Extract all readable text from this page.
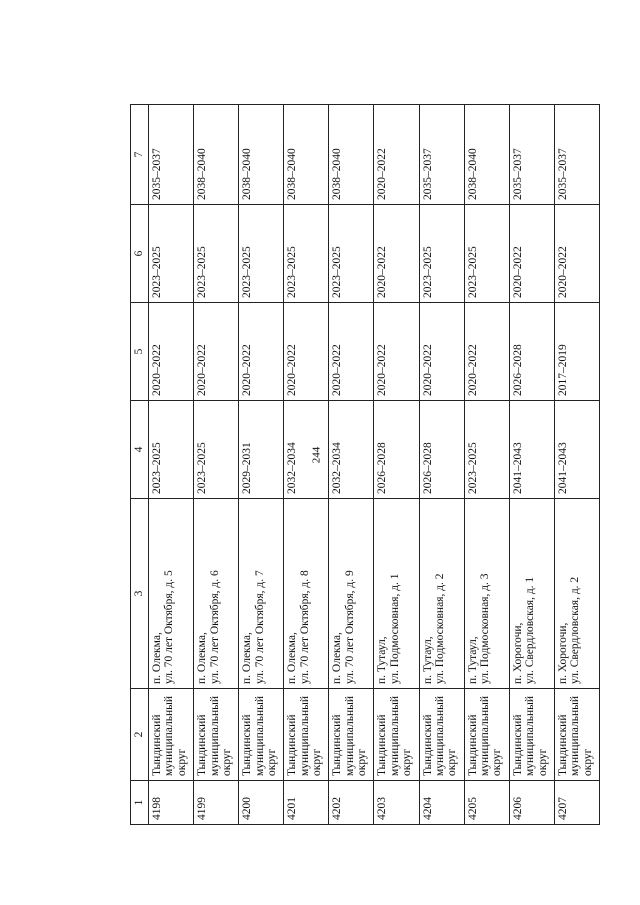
244
1	2	3	4	5	6	7
4198	Тындинский
муниципальный
округ	п. Олекма,
ул. 70 лет Октября, д. 5	2023–2025	2020–2022	2023–2025	2035–2037
4199	Тындинский
муниципальный
округ	п. Олекма,
ул. 70 лет Октября, д. 6	2023–2025	2020–2022	2023–2025	2038–2040
4200	Тындинский
муниципальный
округ	п. Олекма,
ул. 70 лет Октября, д. 7	2029–2031	2020–2022	2023–2025	2038–2040
4201	Тындинский
муниципальный
округ	п. Олекма,
ул. 70 лет Октября, д. 8	2032–2034	2020–2022	2023–2025	2038–2040
4202	Тындинский
муниципальный
округ	п. Олекма,
ул. 70 лет Октября, д. 9	2032–2034	2020–2022	2023–2025	2038–2040
4203	Тындинский
муниципальный
округ	п. Тутаул,
ул. Подмосковная, д. 1	2026–2028	2020–2022	2020–2022	2020–2022
4204	Тындинский
муниципальный
округ	п. Тутаул,
ул. Подмосковная, д. 2	2026–2028	2020–2022	2023–2025	2035–2037
4205	Тындинский
муниципальный
округ	п. Тутаул,
ул. Подмосковная, д. 3	2023–2025	2020–2022	2023–2025	2038–2040
4206	Тындинский
муниципальный
округ	п. Хорогочи,
ул. Свердловская, д. 1	2041–2043	2026–2028	2020–2022	2035–2037
4207	Тындинский
муниципальный
округ	п. Хорогочи,
ул. Свердловская, д. 2	2041–2043	2017–2019	2020–2022	2035–2037
